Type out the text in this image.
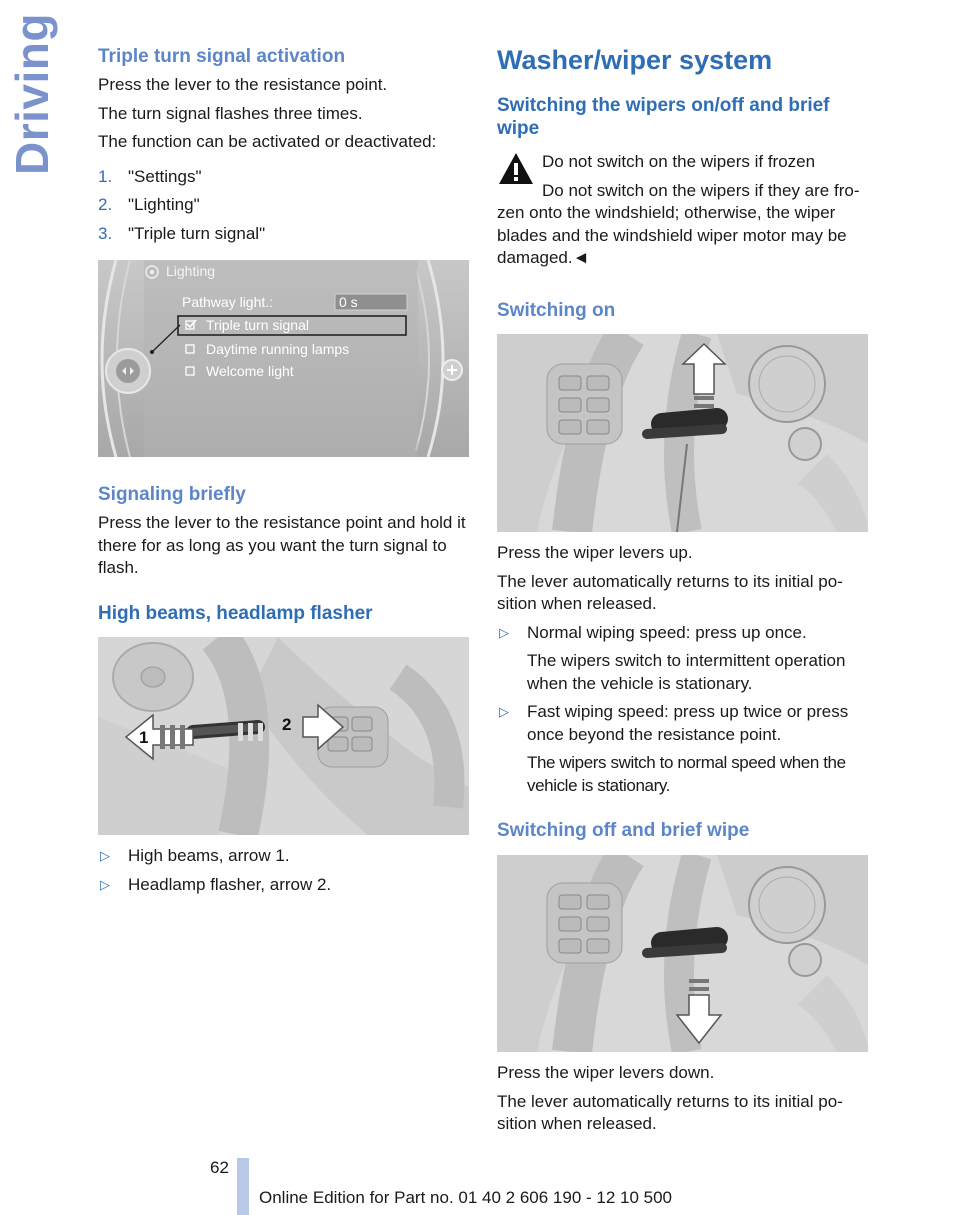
Driving Triple turn signal activation

Press the lever to the resistance point.

The turn signal flashes three times.

The function can be activated or deactivated:

1. "Settings"
2. "Lighting"
3. "Triple turn signal"
Lighting
Pathway light.:	0 s
Triple turn signal
Daytime running lamps
Welcome light
Signaling briefly

Press the lever to the resistance point and hold it there for as long as you want the turn signal to flash.

High beams, headlamp flasher
1
2
▷ High beams, arrow 1.
▷ Headlamp flasher, arrow 2.
Washer/wiper system
Switching the wipers on/off and brief wipe

Do not switch on the wipers if frozen

Do not switch on the wipers if they are frozen onto the windshield; otherwise, the wiper blades and the windshield wiper motor may be damaged.◄

Switching on

Press the wiper levers up.

The lever automatically returns to its initial position when released.

▷ Normal wiping speed: press up once.

The wipers switch to intermittent operation when the vehicle is stationary.

▷ Fast wiping speed: press up twice or press once beyond the resistance point.

The wipers switch to normal speed when the vehicle is stationary.

Switching off and brief wipe

Press the wiper levers down.

The lever automatically returns to its initial position when released.

62
Online Edition for Part no. 01 40 2 606 190 - 12 10 500
